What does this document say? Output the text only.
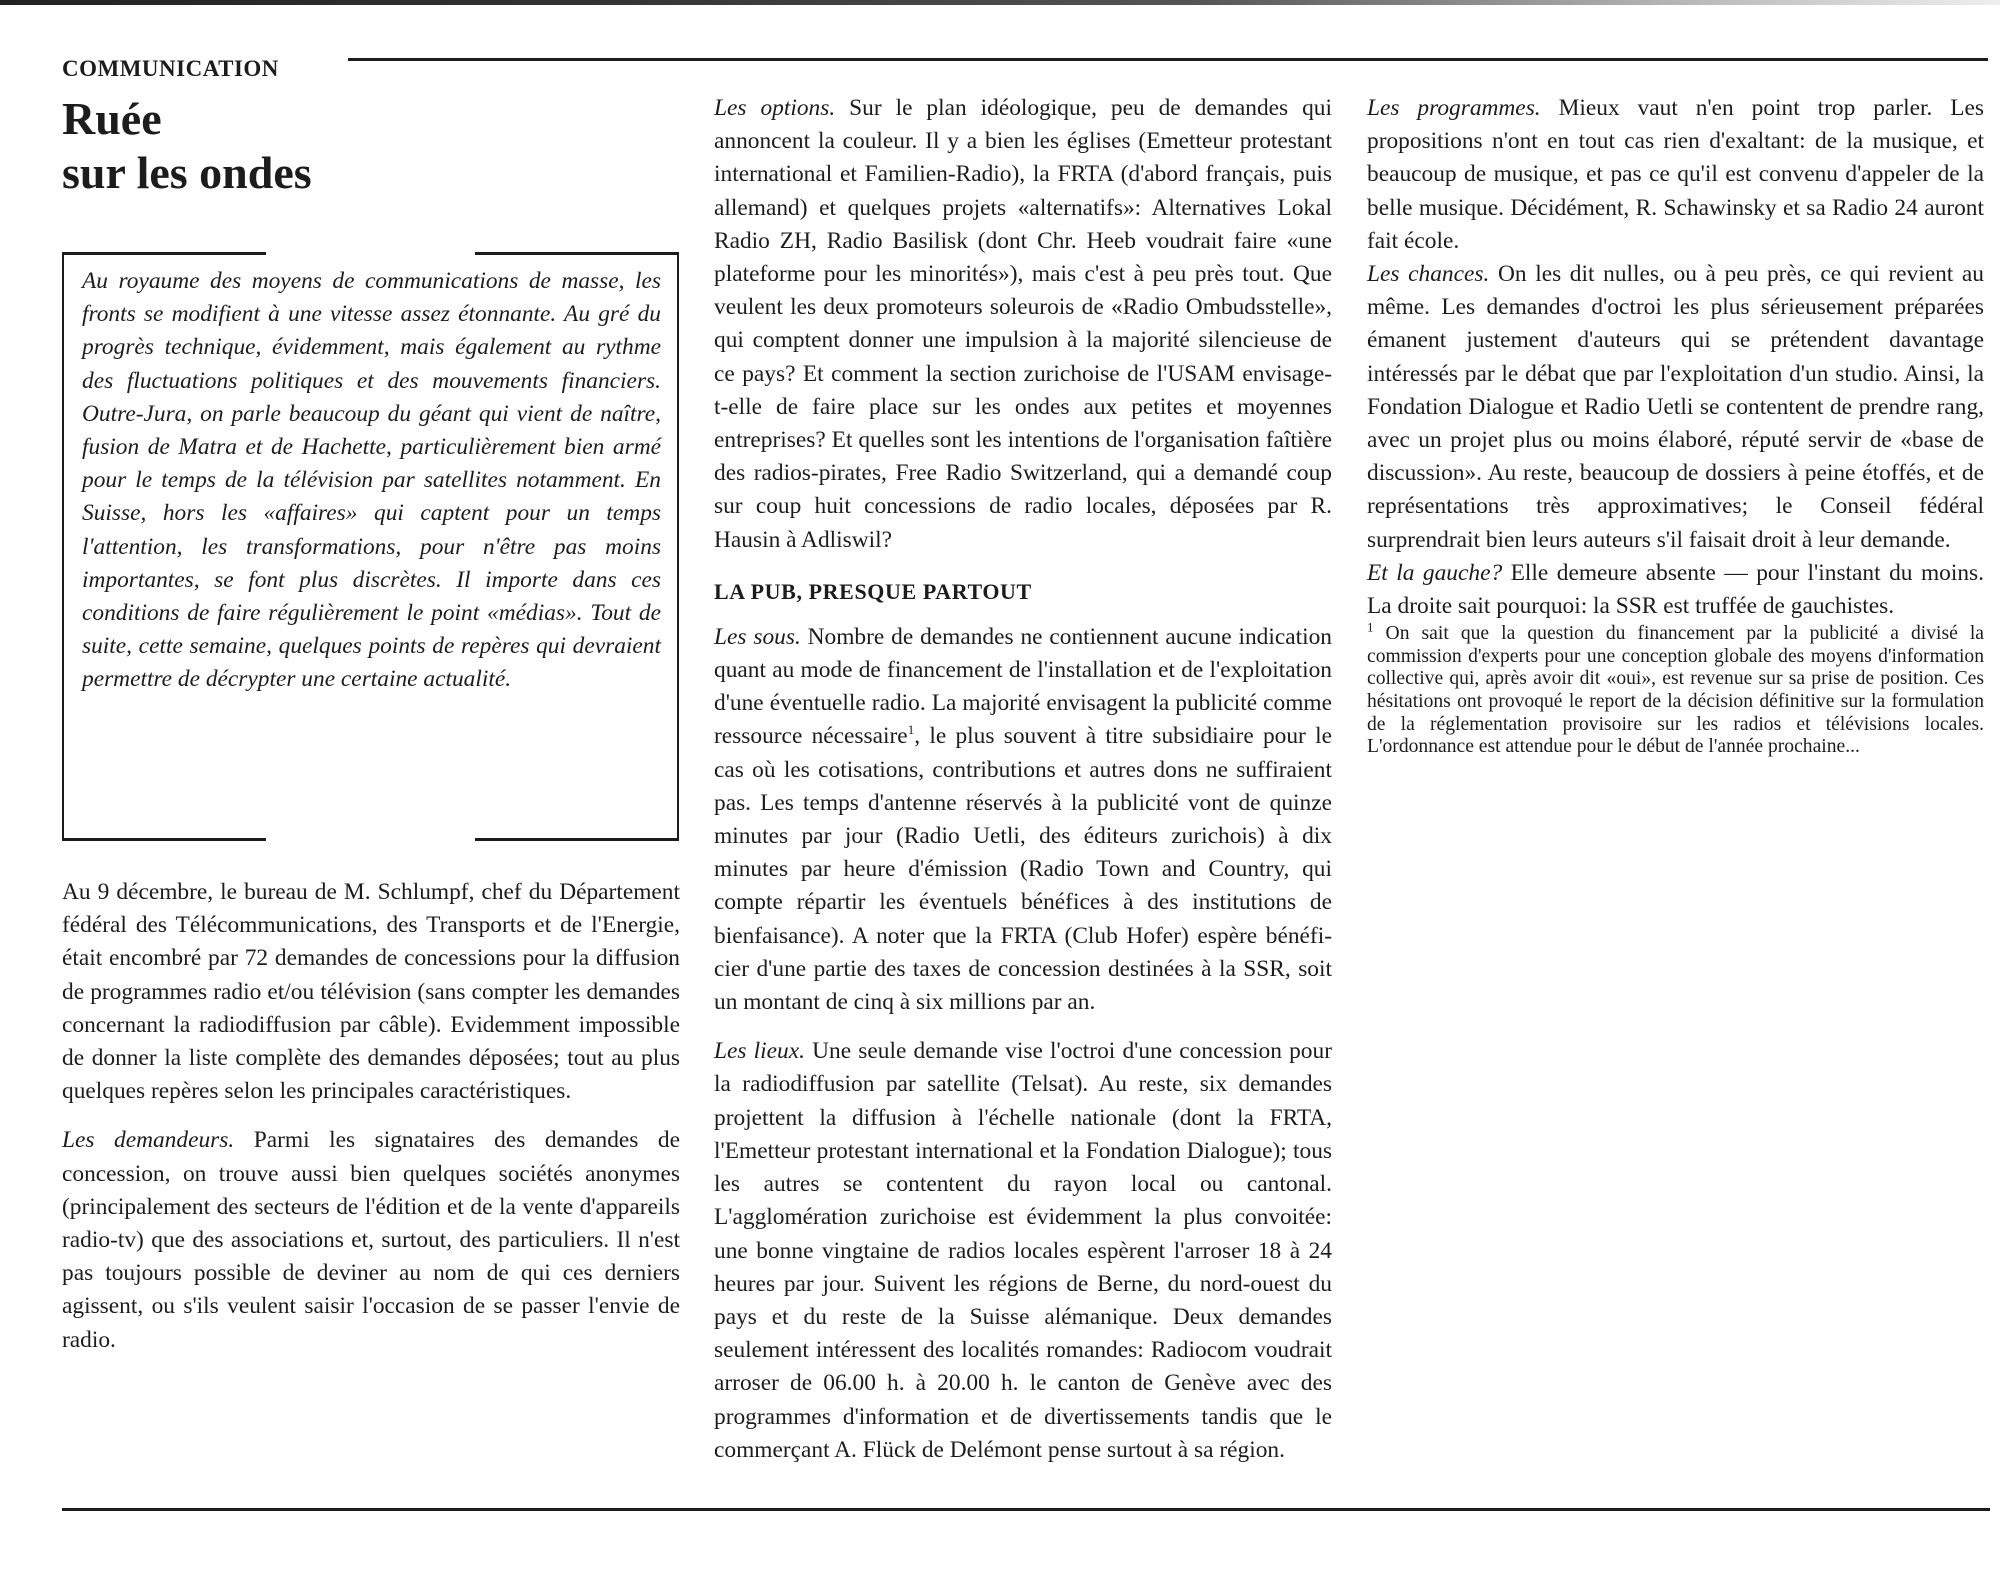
COMMUNICATION
Ruée
sur les ondes

Au royaume des moyens de communications de masse, les fronts se modifient à une vitesse assez étonnante. Au gré du progrès technique, évidemment, mais également au rythme des fluctuations politiques et des mouvements financiers. Outre-Jura, on parle beaucoup du géant qui vient de naître, fusion de Matra et de Hachette, particulièrement bien armé pour le temps de la télévision par satellites notamment. En Suisse, hors les «affaires» qui captent pour un temps l'attention, les transformations, pour n'être pas moins importantes, se font plus discrètes. Il importe dans ces conditions de faire régulièrement le point «médias». Tout de suite, cette semaine, quelques points de repères qui devraient permettre de décrypter une certaine actualité.

Au 9 décembre, le bureau de M. Schlumpf, chef du Département fédéral des Télécommunications, des Transports et de l'Energie, était encombré par 72 demandes de concessions pour la diffusion de programmes radio et/ou télévision (sans compter les demandes concernant la radiodiffusion par câble). Evidemment impossible de donner la liste complète des demandes déposées; tout au plus quelques repères selon les principales caractéristiques.

Les demandeurs. Parmi les signataires des demandes de concession, on trouve aussi bien quelques sociétés anonymes (principalement des secteurs de l'édition et de la vente d'appareils radio-tv) que des associations et, surtout, des particuliers. Il n'est pas toujours possible de deviner au nom de qui ces derniers agissent, ou s'ils veulent saisir l'occasion de se passer l'envie de radio.

Les options. Sur le plan idéologique, peu de demandes qui annoncent la couleur. Il y a bien les églises (Emetteur protestant international et Familien-Radio), la FRTA (d'abord français, puis allemand) et quelques projets «alternatifs»: Alternatives Lokal Radio ZH, Radio Basilisk (dont Chr. Heeb voudrait faire «une plateforme pour les minorités»), mais c'est à peu près tout. Que veulent les deux promoteurs soleurois de «Radio Ombudsstelle», qui comptent donner une impulsion à la majorité silencieuse de ce pays? Et comment la section zurichoise de l'USAM envisage-t-elle de faire place sur les ondes aux petites et moyennes entreprises? Et quelles sont les intentions de l'organisation faîtière des radios-pirates, Free Radio Switzerland, qui a demandé coup sur coup huit concessions de radio locales, déposées par R. Hausin à Adliswil?

LA PUB, PRESQUE PARTOUT

Les sous. Nombre de demandes ne contiennent aucune indication quant au mode de financement de l'installation et de l'exploitation d'une éventuelle radio. La majorité envisagent la publicité comme ressource nécessaire$^1$, le plus souvent à titre subsidiaire pour le cas où les cotisations, contributions et autres dons ne suffiraient pas. Les temps d'antenne réservés à la publicité vont de quinze minutes par jour (Radio Uetli, des éditeurs zurichois) à dix minutes par heure d'émission (Radio Town and Country, qui compte répartir les éventuels bénéfices à des institutions de bienfaisance). A noter que la FRTA (Club Hofer) espère bénéficier d'une partie des taxes de concession destinées à la SSR, soit un montant de cinq à six millions par an.

Les lieux. Une seule demande vise l'octroi d'une concession pour la radiodiffusion par satellite (Telsat). Au reste, six demandes projettent la diffusion à l'échelle nationale (dont la FRTA, l'Emetteur protestant international et la Fondation Dialogue); tous les autres se contentent du rayon local ou cantonal. L'agglomération zurichoise est évidemment la plus convoitée: une bonne vingtaine de radios locales espèrent l'arroser 18 à 24 heures par jour. Suivent les régions de Berne, du nord-ouest du pays et du reste de la Suisse alémanique. Deux demandes seulement intéressent des localités romandes: Radiocom voudrait arroser de 06.00 h. à 20.00 h. le canton de Genève avec des programmes d'information et de divertissements tandis que le commerçant A. Flück de Delémont pense surtout à sa région.

Les programmes. Mieux vaut n'en point trop parler. Les propositions n'ont en tout cas rien d'exaltant: de la musique, et beaucoup de musique, et pas ce qu'il est convenu d'appeler de la belle musique. Décidément, R. Schawinsky et sa Radio 24 auront fait école.

Les chances. On les dit nulles, ou à peu près, ce qui revient au même. Les demandes d'octroi les plus sérieusement préparées émanent justement d'auteurs qui se prétendent davantage intéressés par le débat que par l'exploitation d'un studio. Ainsi, la Fondation Dialogue et Radio Uetli se contentent de prendre rang, avec un projet plus ou moins élaboré, réputé servir de «base de discussion». Au reste, beaucoup de dossiers à peine étoffés, et de représentations très approximatives; le Conseil fédéral surprendrait bien leurs auteurs s'il faisait droit à leur demande.

Et la gauche? Elle demeure absente — pour l'instant du moins. La droite sait pourquoi: la SSR est truffée de gauchistes.

$^1$ On sait que la question du financement par la publicité a divisé la commission d'experts pour une conception globale des moyens d'information collective qui, après avoir dit «oui», est revenue sur sa prise de position. Ces hésitations ont provoqué le report de la décision définitive sur la formulation de la réglementation provisoire sur les radios et télévisions locales. L'ordonnance est attendue pour le début de l'année prochaine...
